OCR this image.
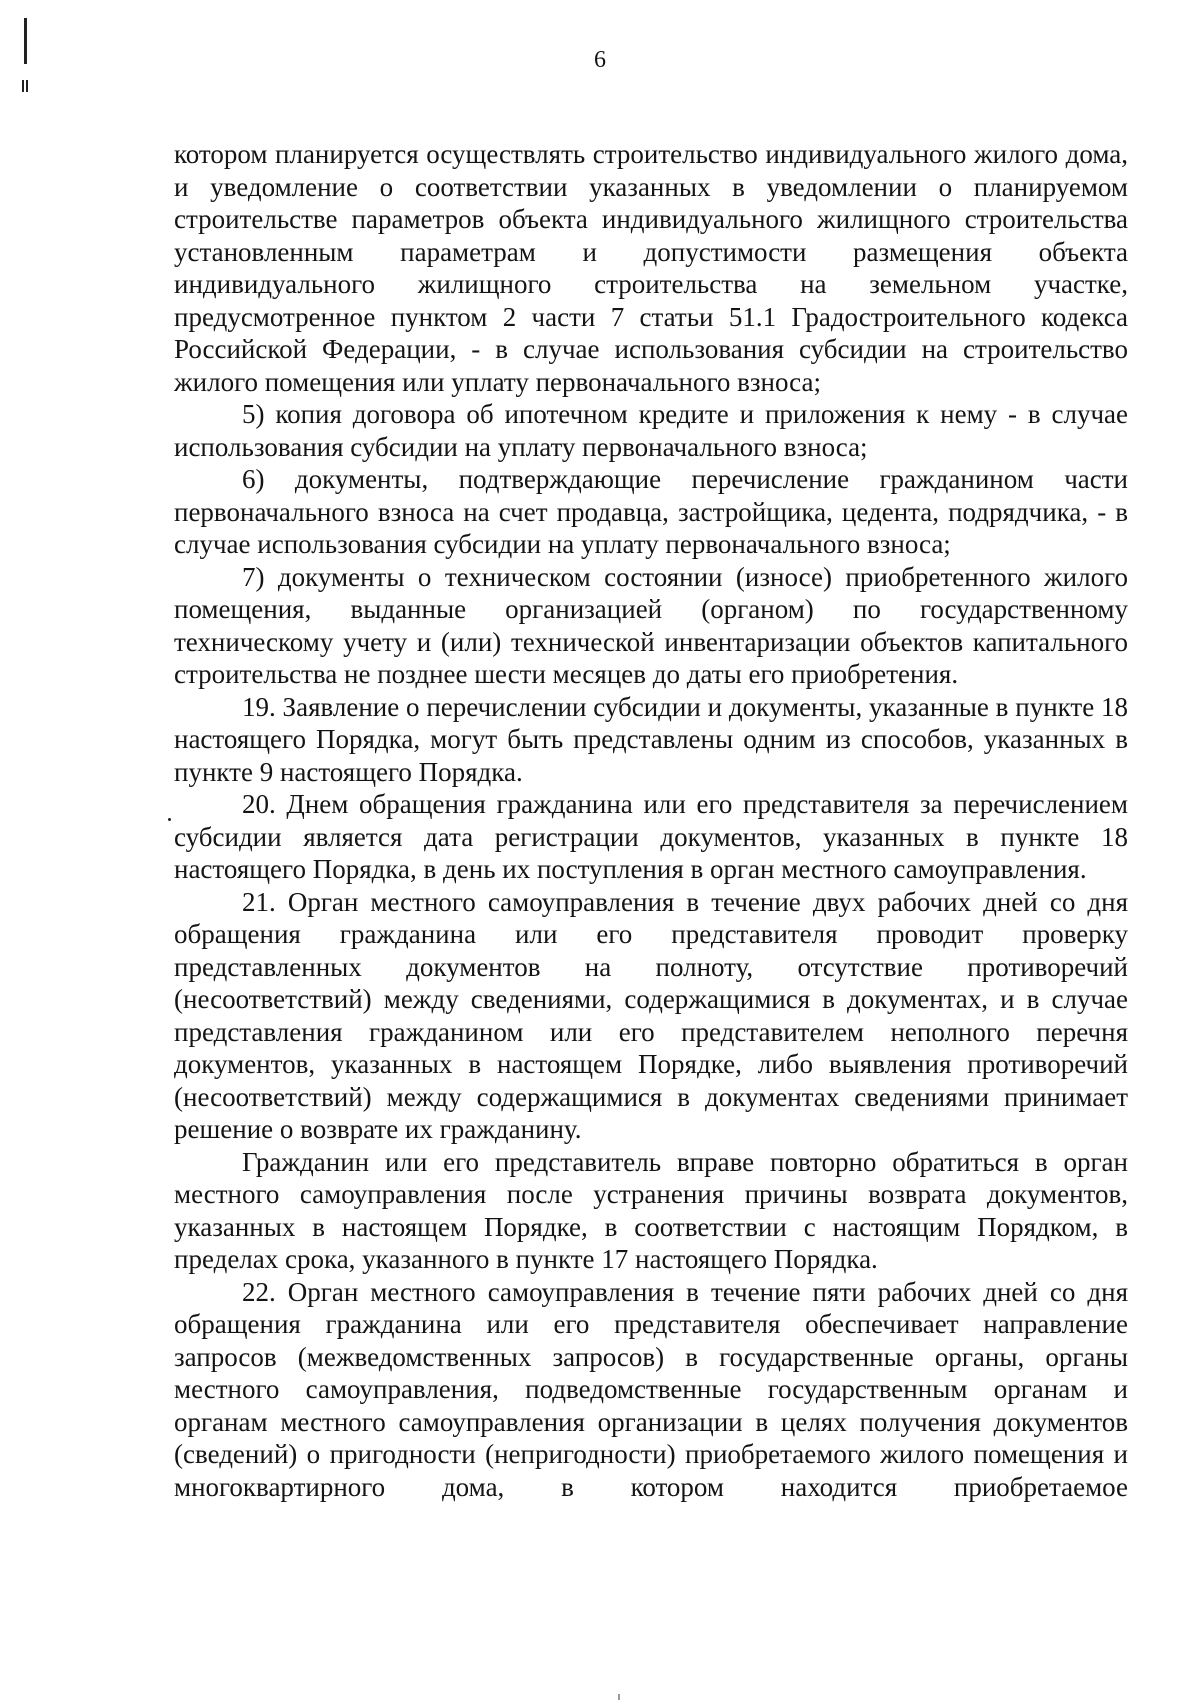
6

котором планируется осуществлять строительство индивидуального жилого дома, и уведомление о соответствии указанных в уведомлении о планируемом строительстве параметров объекта индивидуального жилищного строительства установленным параметрам и допустимости размещения объекта индивидуального жилищного строительства на земельном участке, предусмотренное пунктом 2 части 7 статьи 51.1 Градостроительного кодекса Российской Федерации, - в случае использования субсидии на строительство жилого помещения или уплату первоначального взноса;

5) копия договора об ипотечном кредите и приложения к нему - в случае использования субсидии на уплату первоначального взноса;

6) документы, подтверждающие перечисление гражданином части первоначального взноса на счет продавца, застройщика, цедента, подрядчика, - в случае использования субсидии на уплату первоначального взноса;

7) документы о техническом состоянии (износе) приобретенного жилого помещения, выданные организацией (органом) по государственному техническому учету и (или) технической инвентаризации объектов капитального строительства не позднее шести месяцев до даты его приобретения.

19. Заявление о перечислении субсидии и документы, указанные в пункте 18 настоящего Порядка, могут быть представлены одним из способов, указанных в пункте 9 настоящего Порядка.

20. Днем обращения гражданина или его представителя за перечислением субсидии является дата регистрации документов, указанных в пункте 18 настоящего Порядка, в день их поступления в орган местного самоуправления.

21. Орган местного самоуправления в течение двух рабочих дней со дня обращения гражданина или его представителя проводит проверку представленных документов на полноту, отсутствие противоречий (несоответствий) между сведениями, содержащимися в документах, и в случае представления гражданином или его представителем неполного перечня документов, указанных в настоящем Порядке, либо выявления противоречий (несоответствий) между содержащимися в документах сведениями принимает решение о возврате их гражданину.

Гражданин или его представитель вправе повторно обратиться в орган местного самоуправления после устранения причины возврата документов, указанных в настоящем Порядке, в соответствии с настоящим Порядком, в пределах срока, указанного в пункте 17 настоящего Порядка.

22. Орган местного самоуправления в течение пяти рабочих дней со дня обращения гражданина или его представителя обеспечивает направление запросов (межведомственных запросов) в государственные органы, органы местного самоуправления, подведомственные государственным органам и органам местного самоуправления организации в целях получения документов (сведений) о пригодности (непригодности) приобретаемого жилого помещения и многоквартирного дома, в котором находится приобретаемое
